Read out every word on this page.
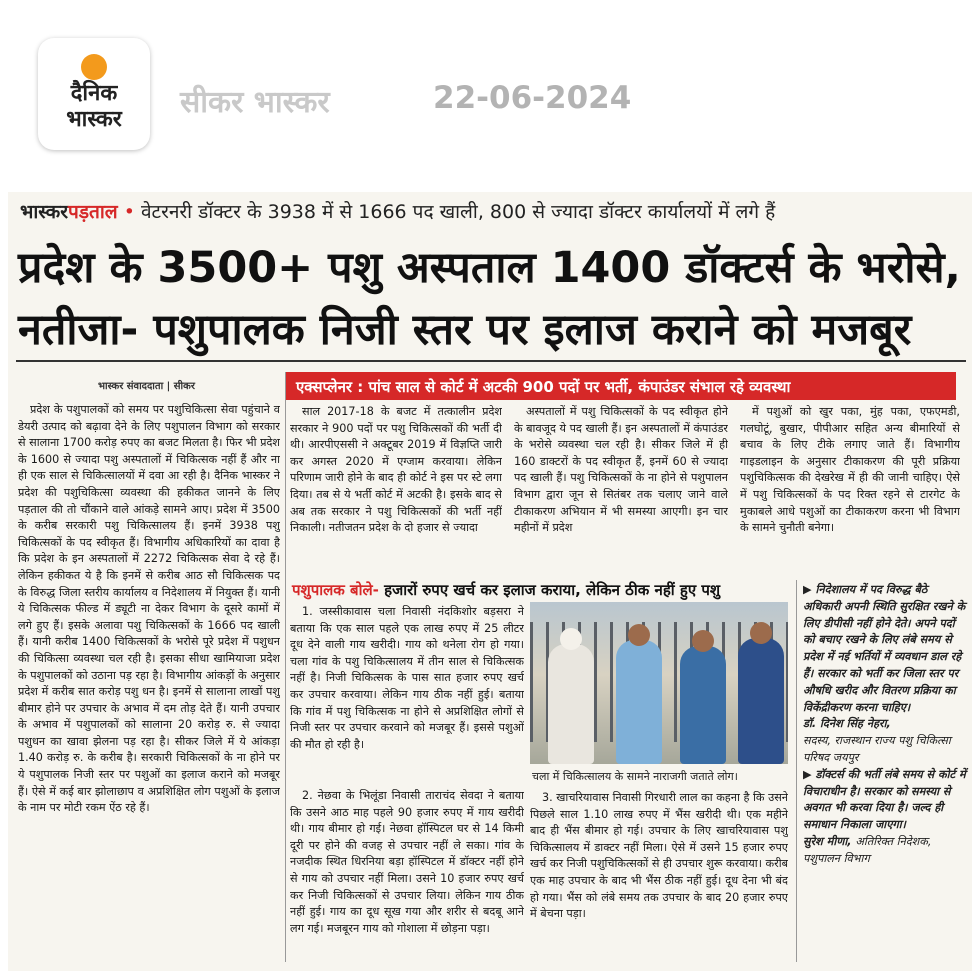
दैनिक
भास्कर	सीकर भास्कर	22-06-2024
भास्करपड़ताल • वेटरनरी डॉक्टर के 3938 में से 1666 पद खाली, 800 से ज्यादा डॉक्टर कार्यालयों में लगे हैं
प्रदेश के 3500+ पशु अस्पताल 1400 डॉक्टर्स के भरोसे,
नतीजा- पशुपालक निजी स्तर पर इलाज कराने को मजबूर
भास्कर संवाददाता | सीकर	एक्सप्लेनर : पांच साल से कोर्ट में अटकी 900 पदों पर भर्ती, कंपाउंडर संभाल रहे व्यवस्था

प्रदेश के पशुपालकों को समय पर पशुचिकित्सा सेवा पहुंचाने व डेयरी उत्पाद को बढ़ावा देने के लिए पशुपालन विभाग को सरकार से सालाना 1700 करोड़ रुपए का बजट मिलता है। फिर भी प्रदेश के 1600 से ज्यादा पशु अस्पतालों में चिकित्सक नहीं हैं और ना ही एक साल से चिकित्सालयों में दवा आ रही है। दैनिक भास्कर ने प्रदेश की पशुचिकित्सा व्यवस्था की हकीकत जानने के लिए पड़ताल की तो चौंकाने वाले आंकड़े सामने आए। प्रदेश में 3500 के करीब सरकारी पशु चिकित्सालय हैं। इनमें 3938 पशु चिकित्सकों के पद स्वीकृत हैं। विभागीय अधिकारियों का दावा है कि प्रदेश के इन अस्पतालों में 2272 चिकित्सक सेवा दे रहे हैं। लेकिन हकीकत ये है कि इनमें से करीब आठ सौ चिकित्सक पद के विरुद्ध जिला स्तरीय कार्यालय व निदेशालय में नियुक्त हैं। यानी ये चिकित्सक फील्ड में ड्यूटी ना देकर विभाग के दूसरे कामों में लगे हुए हैं। इसके अलावा पशु चिकित्सकों के 1666 पद खाली हैं। यानी करीब 1400 चिकित्सकों के भरोसे पूरे प्रदेश में पशुधन की चिकित्सा व्यवस्था चल रही है। इसका सीधा खामियाजा प्रदेश के पशुपालकों को उठाना पड़ रहा है। विभागीय आंकड़ों के अनुसार प्रदेश में करीब सात करोड़ पशु धन है। इनमें से सालाना लाखों पशु बीमार होने पर उपचार के अभाव में दम तोड़ देते हैं। यानी उपचार के अभाव में पशुपालकों को सालाना 20 करोड़ रु. से ज्यादा पशुधन का खावा झेलना पड़ रहा है। सीकर जिले में ये आंकड़ा 1.40 करोड़ रु. के करीब है। सरकारी चिकित्सकों के ना होने पर ये पशुपालक निजी स्तर पर पशुओं का इलाज कराने को मजबूर हैं। ऐसे में कई बार झोलाछाप व अप्रशिक्षित लोग पशुओं के इलाज के नाम पर मोटी रकम ऐंठ रहे हैं।

साल 2017-18 के बजट में तत्कालीन प्रदेश सरकार ने 900 पदों पर पशु चिकित्सकों की भर्ती दी थी। आरपीएससी ने अक्टूबर 2019 में विज्ञप्ति जारी कर अगस्त 2020 में एग्जाम करवाया। लेकिन परिणाम जारी होने के बाद ही कोर्ट ने इस पर स्टे लगा दिया। तब से ये भर्ती कोर्ट में अटकी है। इसके बाद से अब तक सरकार ने पशु चिकित्सकों की भर्ती नहीं निकाली। नतीजतन प्रदेश के दो हजार से ज्यादा

अस्पतालों में पशु चिकित्सकों के पद स्वीकृत होने के बावजूद ये पद खाली हैं। इन अस्पतालों में कंपाउंडर के भरोसे व्यवस्था चल रही है। सीकर जिले में ही 160 डाक्टरों के पद स्वीकृत हैं, इनमें 60 से ज्यादा पद खाली हैं। पशु चिकित्सकों के ना होने से पशुपालन विभाग द्वारा जून से सितंबर तक चलाए जाने वाले टीकाकरण अभियान में भी समस्या आएगी। इन चार महीनों में प्रदेश

में पशुओं को खुर पका, मुंह पका, एफएमडी, गलघोटूं, बुखार, पीपीआर सहित अन्य बीमारियों से बचाव के लिए टीके लगाए जाते हैं। विभागीय गाइडलाइन के अनुसार टीकाकरण की पूरी प्रक्रिया पशुचिकित्सक की देखरेख में ही की जानी चाहिए। ऐसे में पशु चिकित्सकों के पद रिक्त रहने से टारगेट के मुकाबले आधे पशुओं का टीकाकरण करना भी विभाग के सामने चुनौती बनेगा।

पशुपालक बोले- हजारों रुपए खर्च कर इलाज कराया, लेकिन ठीक नहीं हुए पशु

1. जस्सीकावास चला निवासी नंदकिशोर बड़सरा ने बताया कि एक साल पहले एक लाख रुपए में 25 लीटर दूध देने वाली गाय खरीदी। गाय को थनेला रोग हो गया। चला गांव के पशु चिकित्सालय में तीन साल से चिकित्सक नहीं है। निजी चिकित्सक के पास सात हजार रुपए खर्च कर उपचार करवाया। लेकिन गाय ठीक नहीं हुई। बताया कि गांव में पशु चिकित्सक ना होने से अप्रशिक्षित लोगों से निजी स्तर पर उपचार करवाने को मजबूर हैं। इससे पशुओं की मौत हो रही है।

2. नेछवा के भिलूंडा निवासी ताराचंद सेवदा ने बताया कि उसने आठ माह पहले 90 हजार रुपए में गाय खरीदी थी। गाय बीमार हो गई। नेछवा हॉस्पिटल घर से 14 किमी दूरी पर होने की वजह से उपचार नहीं ले सका। गांव के नजदीक स्थित धिरनिया बड़ा हॉस्पिटल में डॉक्टर नहीं होने से गाय को उपचार नहीं मिला। उसने 10 हजार रुपए खर्च कर निजी चिकित्सकों से उपचार लिया। लेकिन गाय ठीक नहीं हुई। गाय का दूध सूख गया और शरीर से बदबू आने लग गई। मजबूरन गाय को गोशाला में छोड़ना पड़ा।

चला में चिकित्सालय के सामने नाराजगी जताते लोग।

3. खाचरियावास निवासी गिरधारी लाल का कहना है कि उसने पिछले साल 1.10 लाख रुपए में भैंस खरीदी थी। एक महीने बाद ही भैंस बीमार हो गई। उपचार के लिए खाचरियावास पशु चिकित्सालय में डाक्टर नहीं मिला। ऐसे में उसने 15 हजार रुपए खर्च कर निजी पशुचिकित्सकों से ही उपचार शुरू करवाया। करीब एक माह उपचार के बाद भी भैंस ठीक नहीं हुई। दूध देना भी बंद हो गया। भैंस को लंबे समय तक उपचार के बाद 20 हजार रुपए में बेचना पड़ा।

▶ निदेशालय में पद विरुद्ध बैठे अधिकारी अपनी स्थिति सुरक्षित रखने के लिए डीपीसी नहीं होने देते। अपने पदों को बचाए रखने के लिए लंबे समय से प्रदेश में नई भर्तियों में व्यवधान डाल रहे हैं। सरकार को भर्ती कर जिला स्तर पर औषधि खरीद और वितरण प्रक्रिया का विकेंद्रीकरण करना चाहिए।
डॉ. दिनेश सिंह नेहरा,
सदस्य, राजस्थान राज्य पशु चिकित्सा परिषद जयपुर
▶ डॉक्टर्स की भर्ती लंबे समय से कोर्ट में विचाराधीन है। सरकार को समस्या से अवगत भी करवा दिया है। जल्द ही समाधान निकाला जाएगा।
सुरेश मीणा, अतिरिक्त निदेशक, पशुपालन विभाग
